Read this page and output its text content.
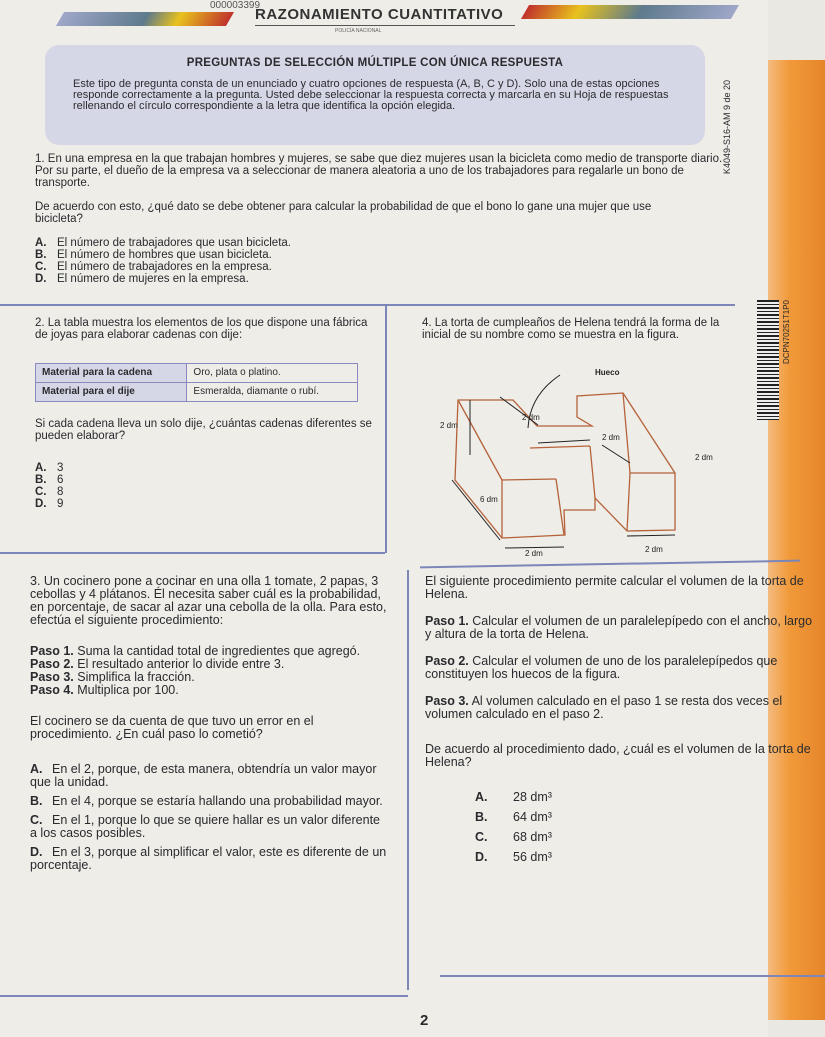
000003399
RAZONAMIENTO CUANTITATIVO
POLICÍA NACIONAL
PREGUNTAS DE SELECCIÓN MÚLTIPLE CON ÚNICA RESPUESTA

Este tipo de pregunta consta de un enunciado y cuatro opciones de respuesta (A, B, C y D). Solo una de estas opciones responde correctamente a la pregunta. Usted debe seleccionar la respuesta correcta y marcarla en su Hoja de respuestas rellenando el círculo correspondiente a la letra que identifica la opción elegida.	K4049-S16-AM 9 de 20
DCPN70251T1P0

1. En una empresa en la que trabajan hombres y mujeres, se sabe que diez mujeres usan la bicicleta como medio de transporte diario. Por su parte, el dueño de la empresa va a seleccionar de manera aleatoria a uno de los trabajadores para regalarle un bono de transporte.

De acuerdo con esto, ¿qué dato se debe obtener para calcular la probabilidad de que el bono lo gane una mujer que use bicicleta?

A. El número de trabajadores que usan bicicleta.
B. El número de hombres que usan bicicleta.
C. El número de trabajadores en la empresa.
D. El número de mujeres en la empresa.

2. La tabla muestra los elementos de los que dispone una fábrica de joyas para elaborar cadenas con dije:

Material para la cadena	Oro, plata o platino.
Material para el dije	Esmeralda, diamante o rubí.

Si cada cadena lleva un solo dije, ¿cuántas cadenas diferentes se pueden elaborar?

A. 3
B. 6
C. 8
D. 9

4. La torta de cumpleaños de Helena tendrá la forma de la inicial de su nombre como se muestra en la figura.

Hueco
2 dm
2 dm
6 dm
2 dm
2 dm
2 dm	2 dm

3. Un cocinero pone a cocinar en una olla 1 tomate, 2 papas, 3 cebollas y 4 plátanos. Él necesita saber cuál es la probabilidad, en porcentaje, de sacar al azar una cebolla de la olla. Para esto, efectúa el siguiente procedimiento:

Paso 1. Suma la cantidad total de ingredientes que agregó.

Paso 2. El resultado anterior lo divide entre 3.

Paso 3. Simplifica la fracción.

Paso 4. Multiplica por 100.

El cocinero se da cuenta de que tuvo un error en el procedimiento. ¿En cuál paso lo cometió?

A. En el 2, porque, de esta manera, obtendría un valor mayor que la unidad.
B. En el 4, porque se estaría hallando una probabilidad mayor.
C. En el 1, porque lo que se quiere hallar es un valor diferente a los casos posibles.
D. En el 3, porque al simplificar el valor, este es diferente de un porcentaje.

El siguiente procedimiento permite calcular el volumen de la torta de Helena.

Paso 1. Calcular el volumen de un paralelepípedo con el ancho, largo y altura de la torta de Helena.

Paso 2. Calcular el volumen de uno de los paralelepípedos que constituyen los huecos de la figura.

Paso 3. Al volumen calculado en el paso 1 se resta dos veces el volumen calculado en el paso 2.

De acuerdo al procedimiento dado, ¿cuál es el volumen de la torta de Helena?

A. 28 dm³
B. 64 dm³
C. 68 dm³
D. 56 dm³
2
